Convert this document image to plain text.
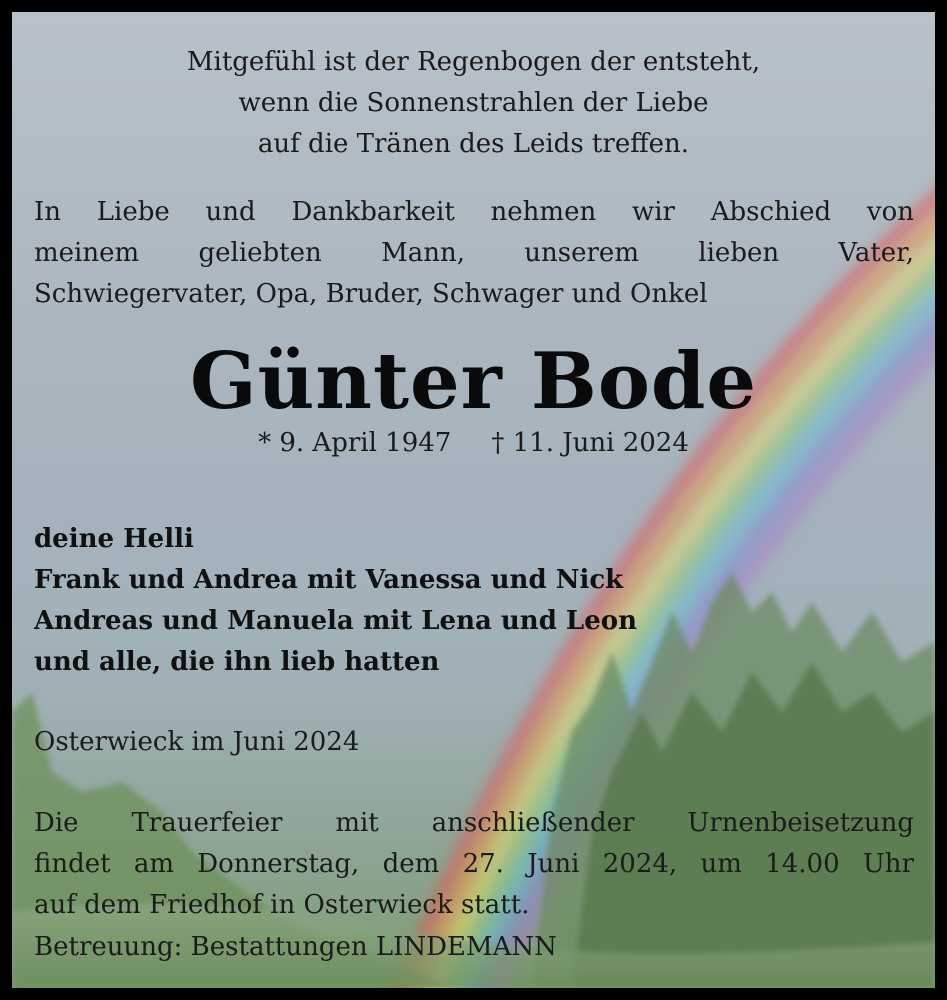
Mitgefühl ist der Regenbogen der entsteht,
wenn die Sonnenstrahlen der Liebe
auf die Tränen des Leids treffen.
In Liebe und Dankbarkeit nehmen wir Abschied von
meinem geliebten Mann, unserem lieben Vater,
Schwiegervater, Opa, Bruder, Schwager und Onkel
Günter Bode
* 9. April 1947 † 11. Juni 2024
deine Helli
Frank und Andrea mit Vanessa und Nick
Andreas und Manuela mit Lena und Leon
und alle, die ihn lieb hatten
Osterwieck im Juni 2024
Die Trauerfeier mit anschließender Urnenbeisetzung
findet am Donnerstag, dem 27. Juni 2024, um 14.00 Uhr
auf dem Friedhof in Osterwieck statt.
Betreuung: Bestattungen LINDEMANN
